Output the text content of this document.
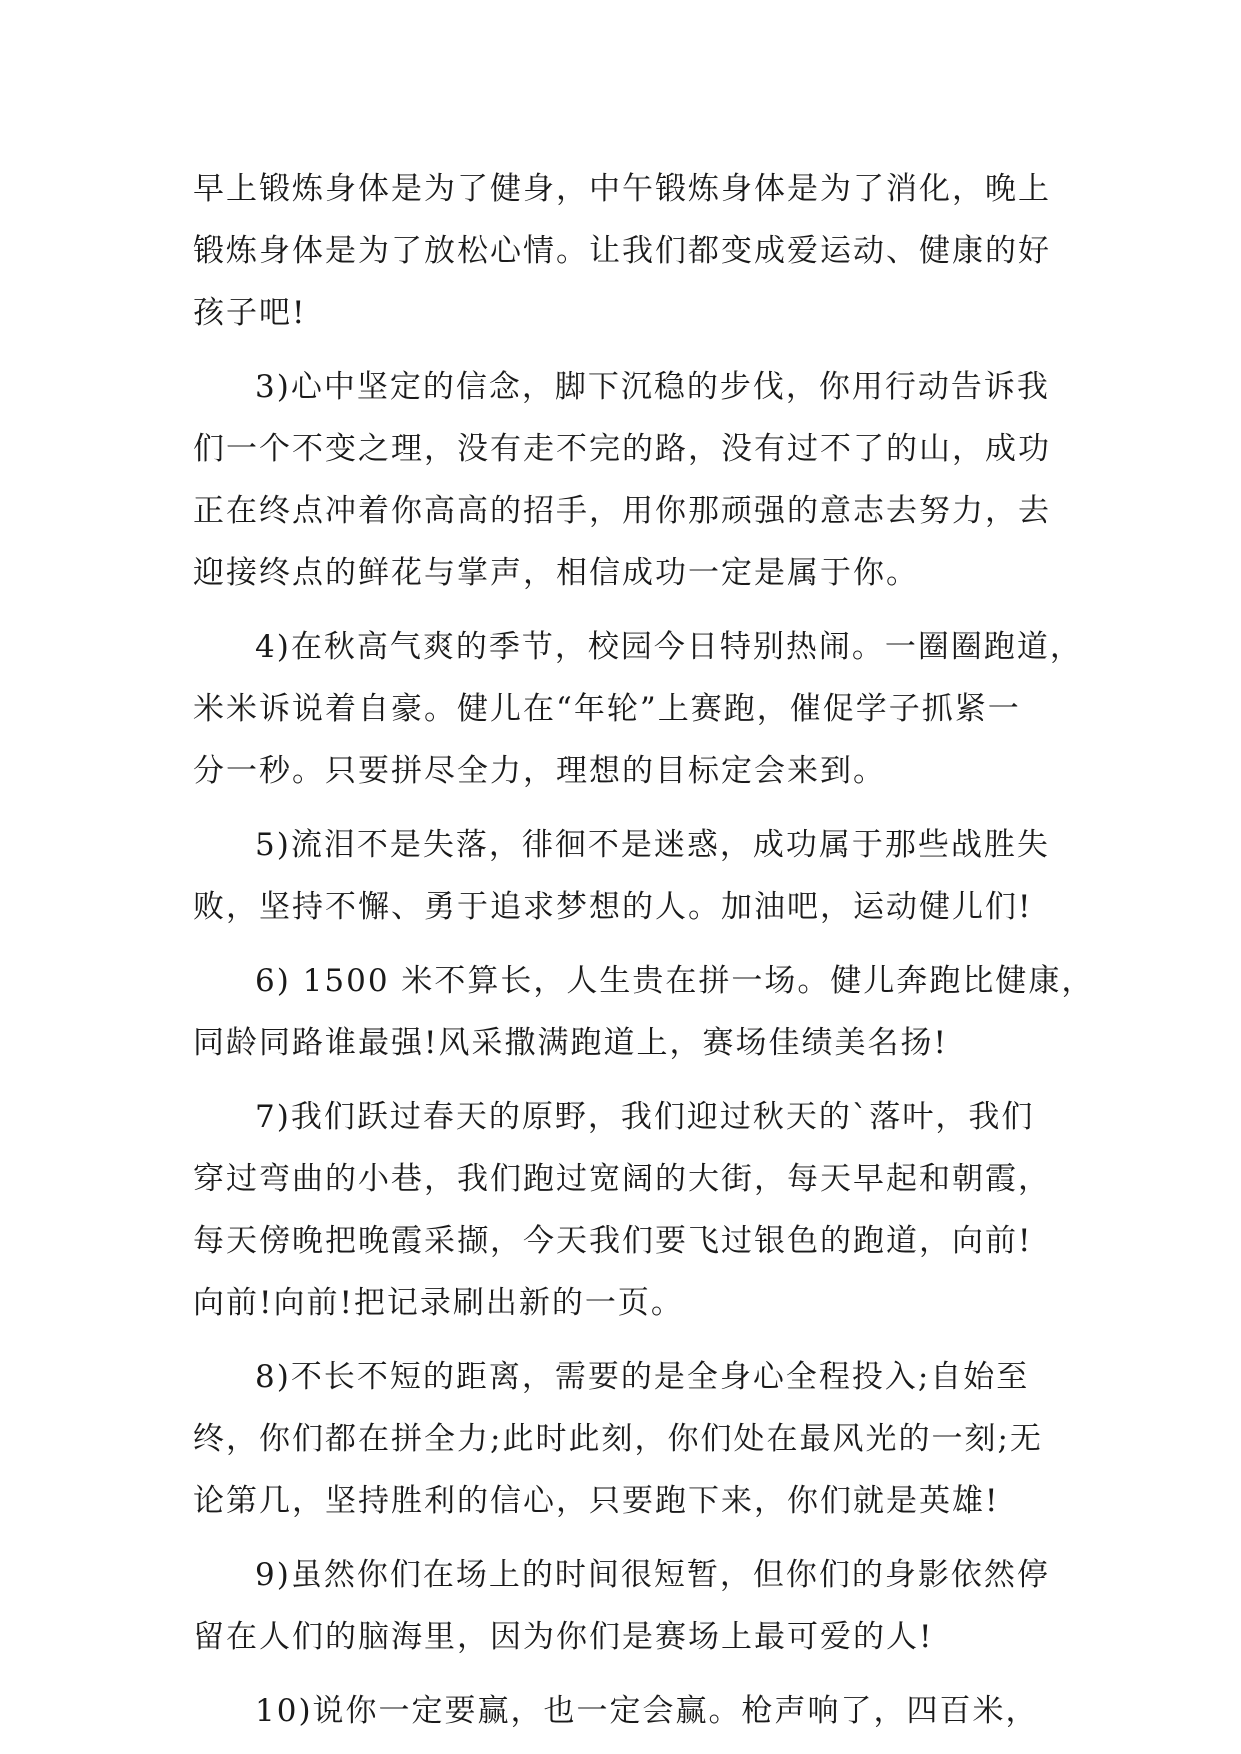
早上锻炼身体是为了健身，中午锻炼身体是为了消化，晚上
锻炼身体是为了放松心情。让我们都变成爱运动、健康的好
孩子吧!
3)心中坚定的信念，脚下沉稳的步伐，你用行动告诉我
们一个不变之理，没有走不完的路，没有过不了的山，成功
正在终点冲着你高高的招手，用你那顽强的意志去努力，去
迎接终点的鲜花与掌声，相信成功一定是属于你。
4)在秋高气爽的季节，校园今日特别热闹。一圈圈跑道，
米米诉说着自豪。健儿在“年轮”上赛跑，催促学子抓紧一
分一秒。只要拼尽全力，理想的目标定会来到。
5)流泪不是失落，徘徊不是迷惑，成功属于那些战胜失
败，坚持不懈、勇于追求梦想的人。加油吧，运动健儿们!
6) 1500 米不算长，人生贵在拼一场。健儿奔跑比健康，
同龄同路谁最强!风采撒满跑道上，赛场佳绩美名扬!
7)我们跃过春天的原野，我们迎过秋天的`落叶，我们
穿过弯曲的小巷，我们跑过宽阔的大街，每天早起和朝霞，
每天傍晚把晚霞采撷，今天我们要飞过银色的跑道，向前!
向前!向前!把记录刷出新的一页。
8)不长不短的距离，需要的是全身心全程投入;自始至
终，你们都在拼全力;此时此刻，你们处在最风光的一刻;无
论第几，坚持胜利的信心，只要跑下来，你们就是英雄!
9)虽然你们在场上的时间很短暂，但你们的身影依然停
留在人们的脑海里，因为你们是赛场上最可爱的人!
10)说你一定要赢，也一定会赢。枪声响了，四百米，
